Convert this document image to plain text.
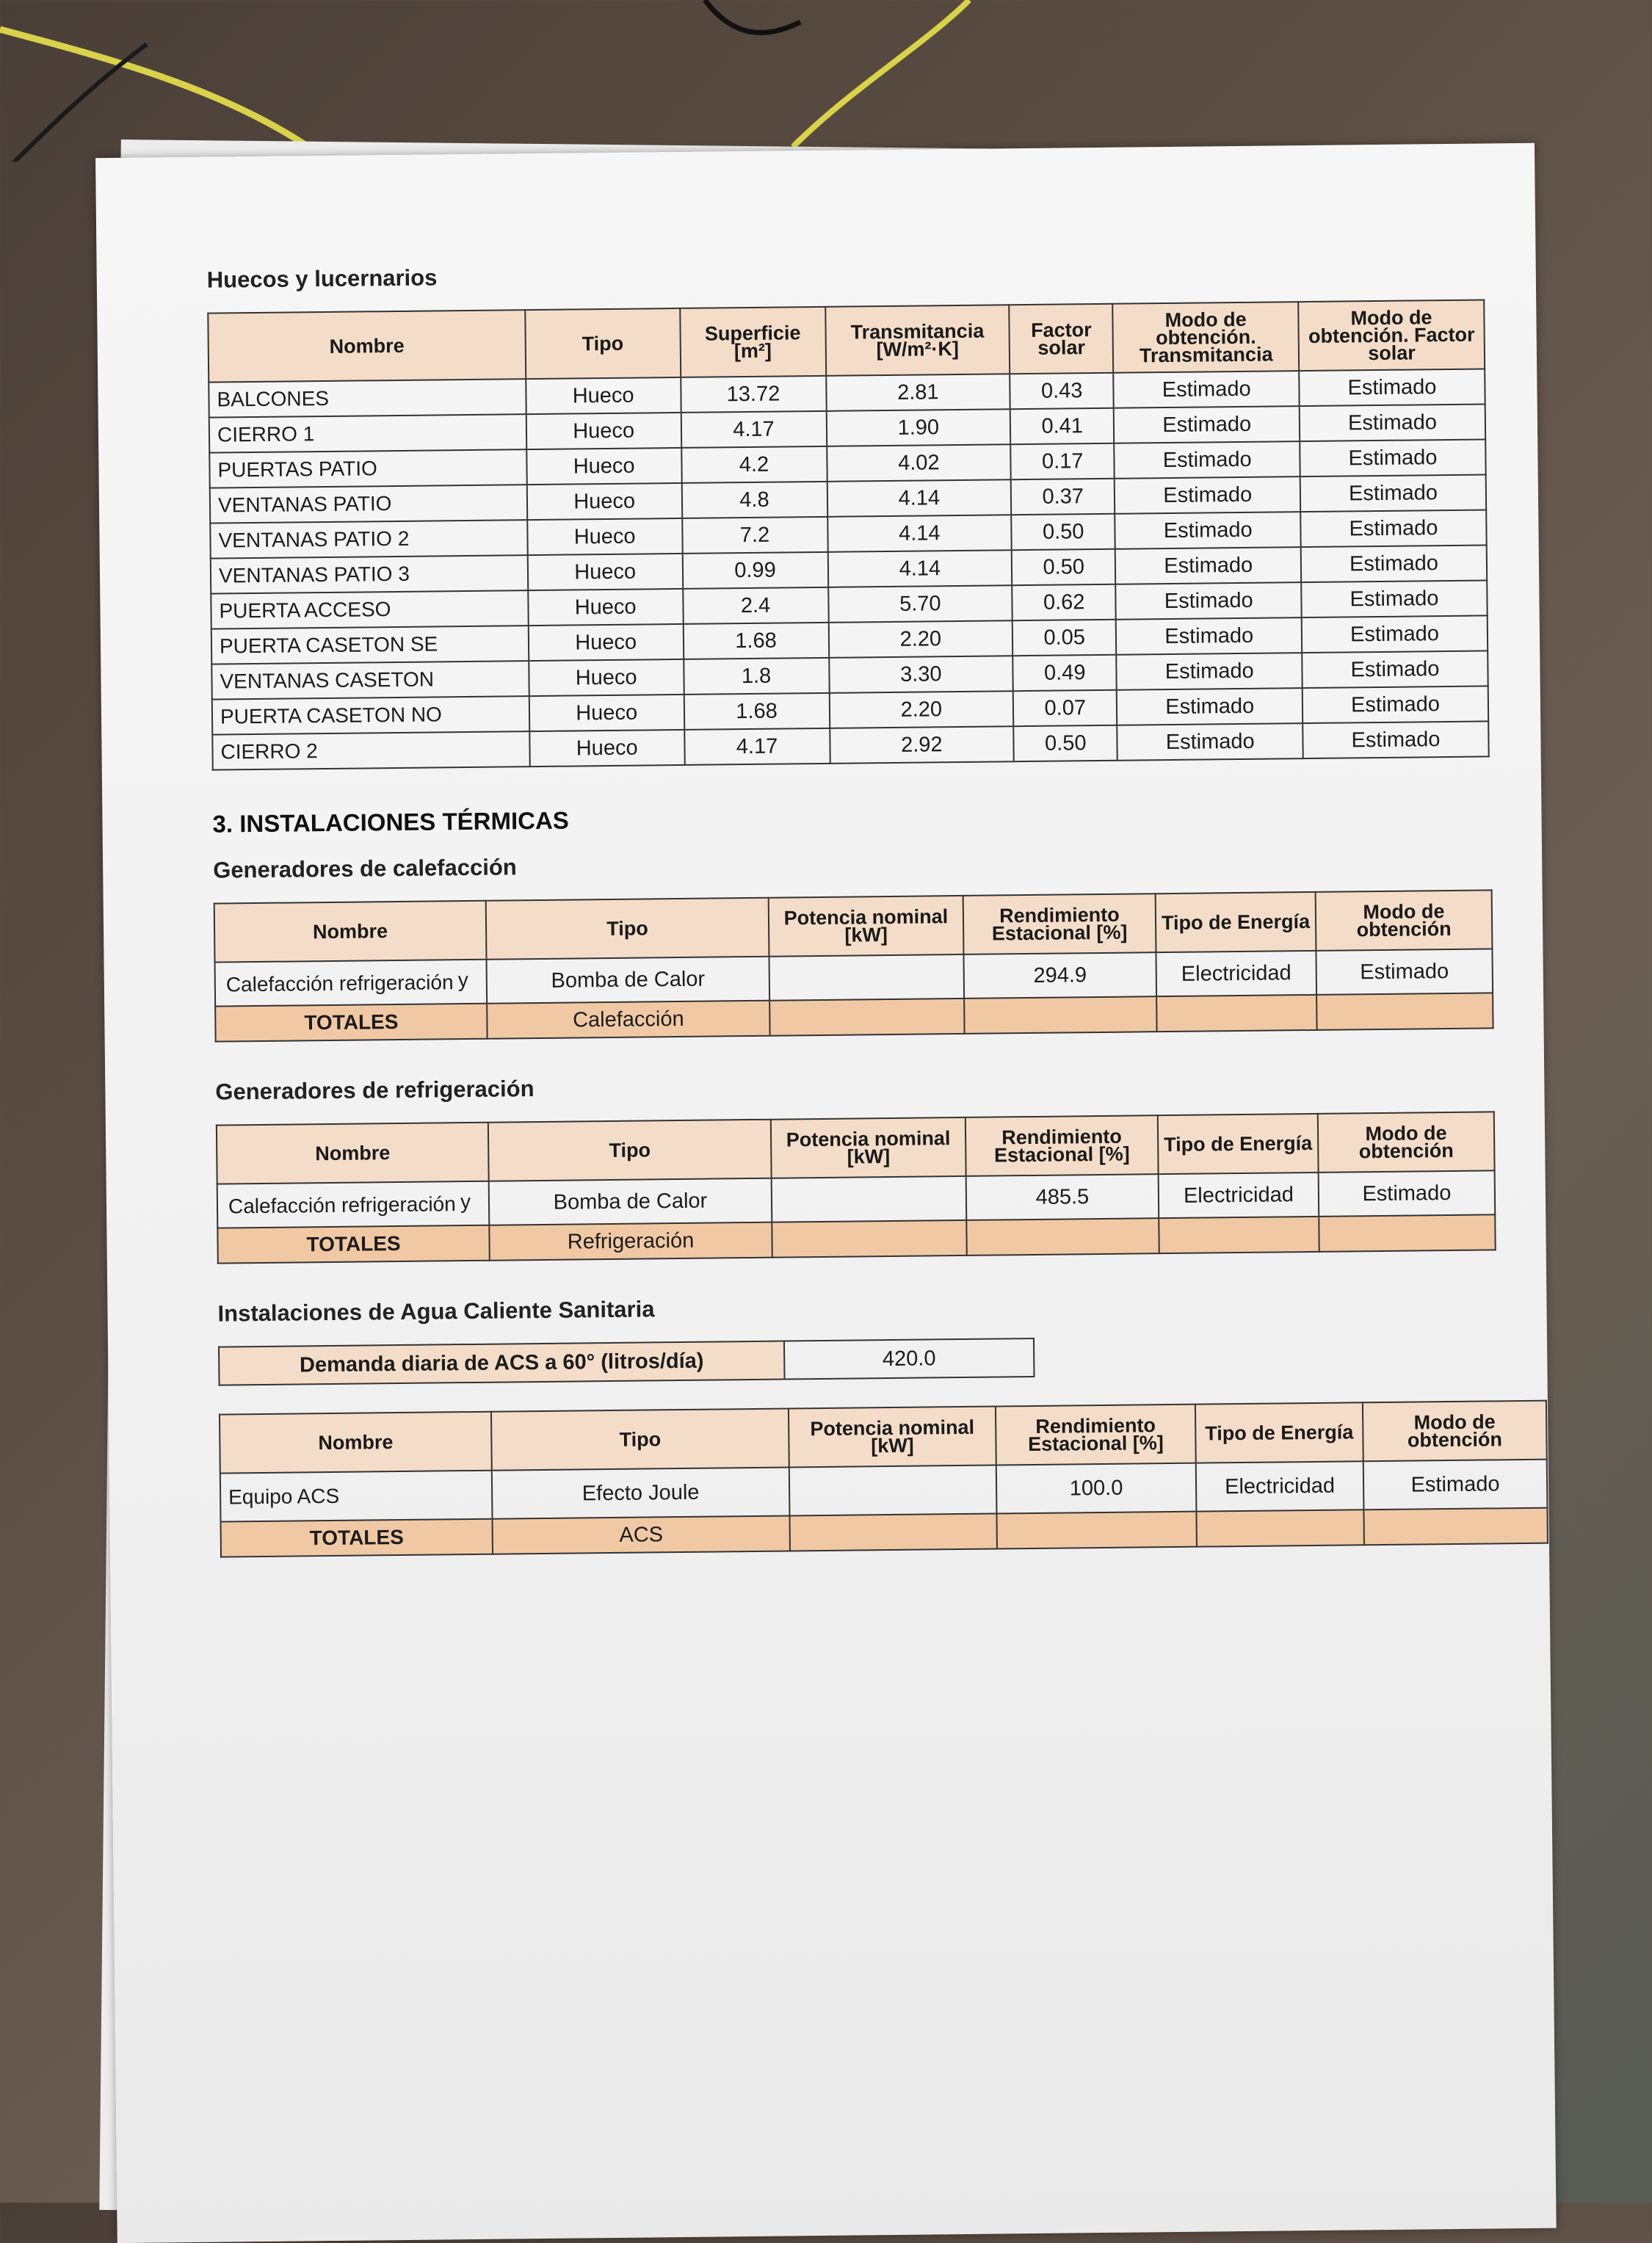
Huecos y lucernarios
Nombre	Tipo	Superficie [m²]	Transmitancia [W/m²·K]	Factor solar	Modo de obtención. Transmitancia	Modo de obtención. Factor solar
BALCONES	Hueco	13.72	2.81	0.43	Estimado	Estimado
CIERRO 1	Hueco	4.17	1.90	0.41	Estimado	Estimado
PUERTAS PATIO	Hueco	4.2	4.02	0.17	Estimado	Estimado
VENTANAS PATIO	Hueco	4.8	4.14	0.37	Estimado	Estimado
VENTANAS PATIO 2	Hueco	7.2	4.14	0.50	Estimado	Estimado
VENTANAS PATIO 3	Hueco	0.99	4.14	0.50	Estimado	Estimado
PUERTA ACCESO	Hueco	2.4	5.70	0.62	Estimado	Estimado
PUERTA CASETON SE	Hueco	1.68	2.20	0.05	Estimado	Estimado
VENTANAS CASETON	Hueco	1.8	3.30	0.49	Estimado	Estimado
PUERTA CASETON NO	Hueco	1.68	2.20	0.07	Estimado	Estimado
CIERRO 2	Hueco	4.17	2.92	0.50	Estimado	Estimado
3. INSTALACIONES TÉRMICAS
Generadores de calefacción
Nombre	Tipo	Potencia nominal [kW]	Rendimiento Estacional [%]	Tipo de Energía	Modo de obtención
Calefacción refrigeración y	Bomba de Calor		294.9	Electricidad	Estimado
TOTALES	Calefacción				
Generadores de refrigeración
Nombre	Tipo	Potencia nominal [kW]	Rendimiento Estacional [%]	Tipo de Energía	Modo de obtención
Calefacción refrigeración y	Bomba de Calor		485.5	Electricidad	Estimado
TOTALES	Refrigeración				
Instalaciones de Agua Caliente Sanitaria
Demanda diaria de ACS a 60° (litros/día)	420.0
Nombre	Tipo	Potencia nominal [kW]	Rendimiento Estacional [%]	Tipo de Energía	Modo de obtención
Equipo ACS	Efecto Joule		100.0	Electricidad	Estimado
TOTALES	ACS				
